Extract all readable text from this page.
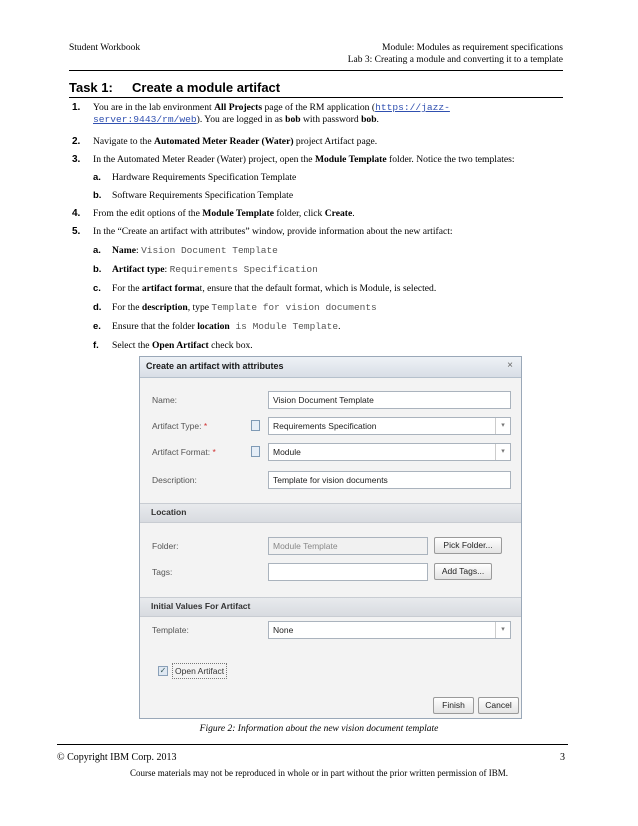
Student Workbook	Module: Modules as requirement specifications
Lab 3: Creating a module and converting it to a template
Task 1: Create a module artifact
1. You are in the lab environment All Projects page of the RM application (https://jazz-
server:9443/rm/web). You are logged in as bob with password bob.
2. Navigate to the Automated Meter Reader (Water) project Artifact page.
3. In the Automated Meter Reader (Water) project, open the Module Template folder. Notice the two templates:
a. Hardware Requirements Specification Template
b. Software Requirements Specification Template
4. From the edit options of the Module Template folder, click Create.
5. In the “Create an artifact with attributes” window, provide information about the new artifact:
a. Name: Vision Document Template
b. Artifact type: Requirements Specification
c. For the artifact format, ensure that the default format, which is Module, is selected.
d. For the description, type Template for vision documents
e. Ensure that the folder location is Module Template.
f. Select the Open Artifact check box.
Create an artifact with attributes	×
Name:	Vision Document Template
Artifact Type: *	Requirements Specification	▾
Artifact Format: *	Module	▾
Description:	Template for vision documents
Location
Folder:	Module Template	Pick Folder...
Tags:	Add Tags...
Initial Values For Artifact
Template:	None	▾
✓	Open Artifact
Finish	Cancel
Figure 2: Information about the new vision document template
© Copyright IBM Corp. 2013	3
Course materials may not be reproduced in whole or in part without the prior written permission of IBM.
